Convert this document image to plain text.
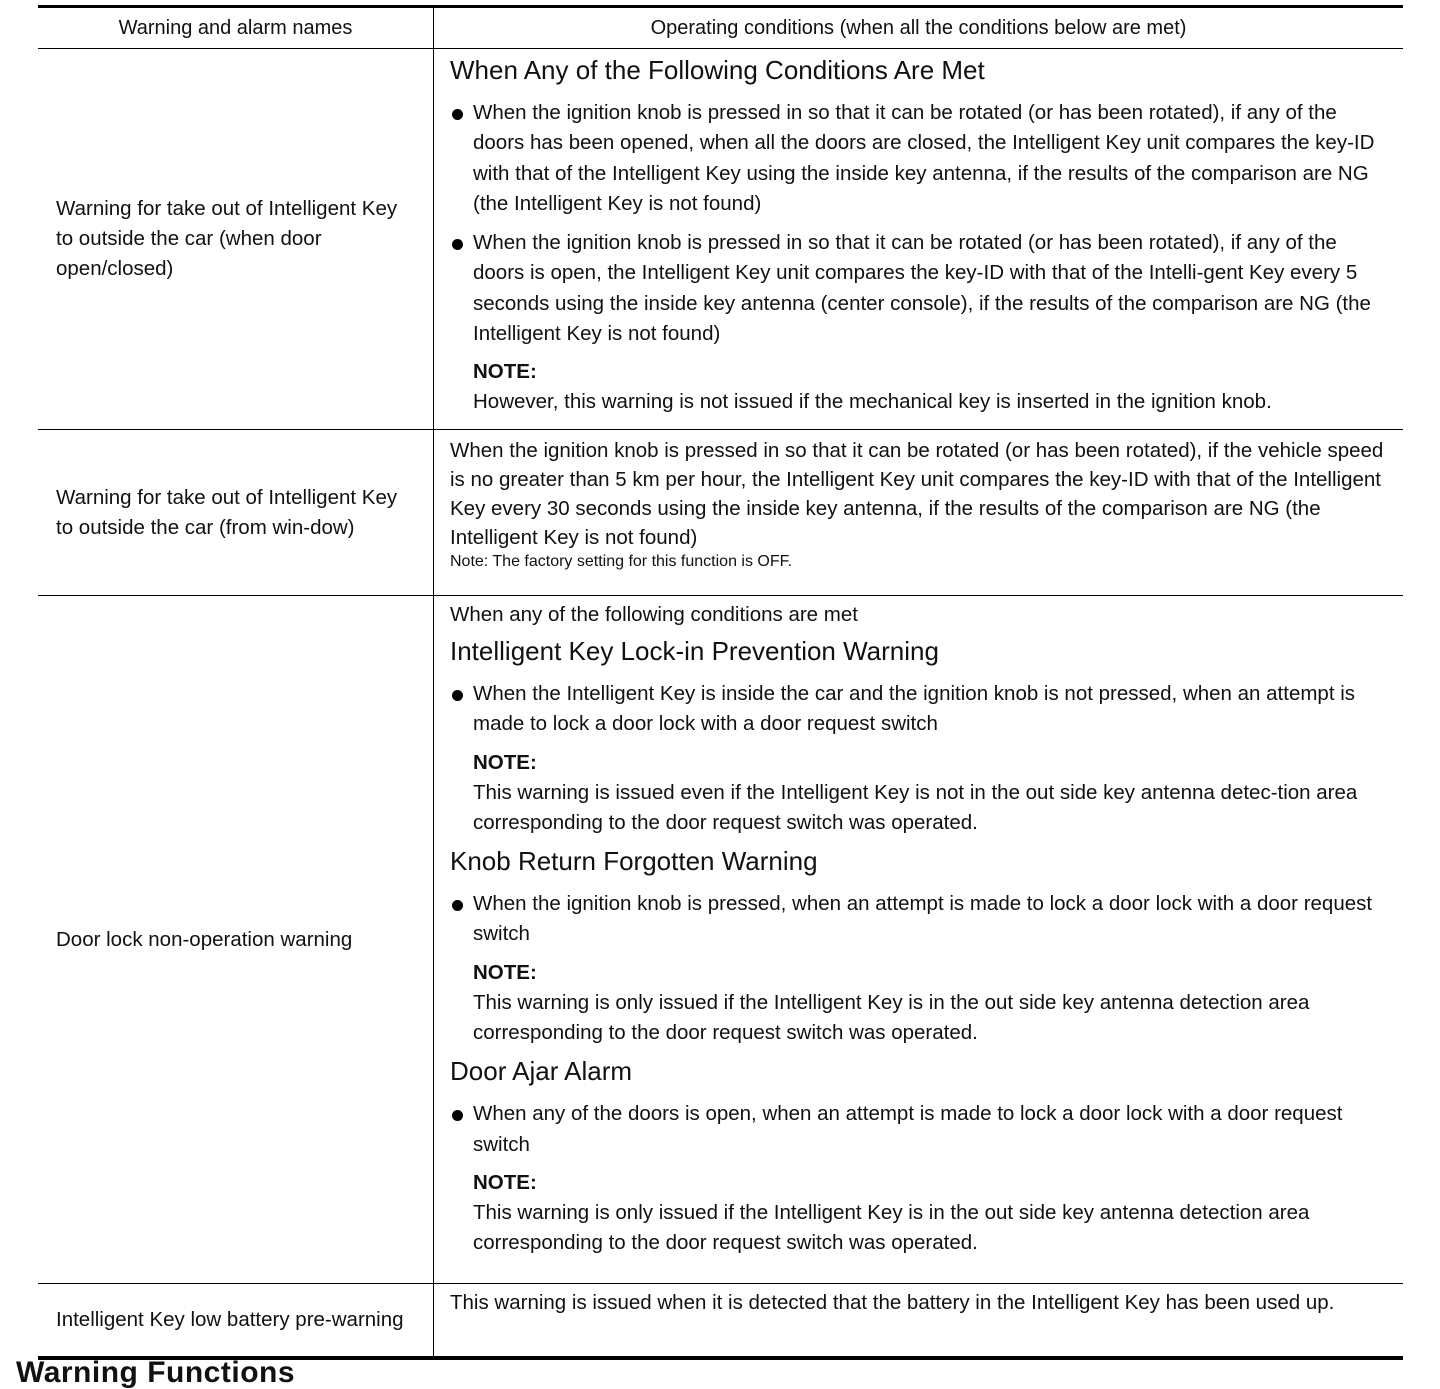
Warning and alarm names	Operating conditions (when all the conditions below are met)
Warning for take out of Intelligent Key to outside the car (when door open/closed)
When Any of the Following Conditions Are Met
When the ignition knob is pressed in so that it can be rotated (or has been rotated), if any of the doors has been opened, when all the doors are closed, the Intelligent Key unit compares the key-ID with that of the Intelligent Key using the inside key antenna, if the results of the comparison are NG (the Intelligent Key is not found)
When the ignition knob is pressed in so that it can be rotated (or has been rotated), if any of the doors is open, the Intelligent Key unit compares the key-ID with that of the Intelli-gent Key every 5 seconds using the inside key antenna (center console), if the results of the comparison are NG (the Intelligent Key is not found)
NOTE:
However, this warning is not issued if the mechanical key is inserted in the ignition knob.
Warning for take out of Intelligent Key to outside the car (from win-dow)
When the ignition knob is pressed in so that it can be rotated (or has been rotated), if the vehicle speed is no greater than 5 km per hour, the Intelligent Key unit compares the key-ID with that of the Intelligent Key every 30 seconds using the inside key antenna, if the results of the comparison are NG (the Intelligent Key is not found)
Note: The factory setting for this function is OFF.
Door lock non-operation warning
When any of the following conditions are met
Intelligent Key Lock-in Prevention Warning
When the Intelligent Key is inside the car and the ignition knob is not pressed, when an attempt is made to lock a door lock with a door request switch
NOTE:
This warning is issued even if the Intelligent Key is not in the out side key antenna detec-tion area corresponding to the door request switch was operated.
Knob Return Forgotten Warning
When the ignition knob is pressed, when an attempt is made to lock a door lock with a door request switch
NOTE:
This warning is only issued if the Intelligent Key is in the out side key antenna detection area corresponding to the door request switch was operated.
Door Ajar Alarm
When any of the doors is open, when an attempt is made to lock a door lock with a door request switch
NOTE:
This warning is only issued if the Intelligent Key is in the out side key antenna detection area corresponding to the door request switch was operated.
Intelligent Key low battery pre-warning
This warning is issued when it is detected that the battery in the Intelligent Key has been used up.
Warning Functions
